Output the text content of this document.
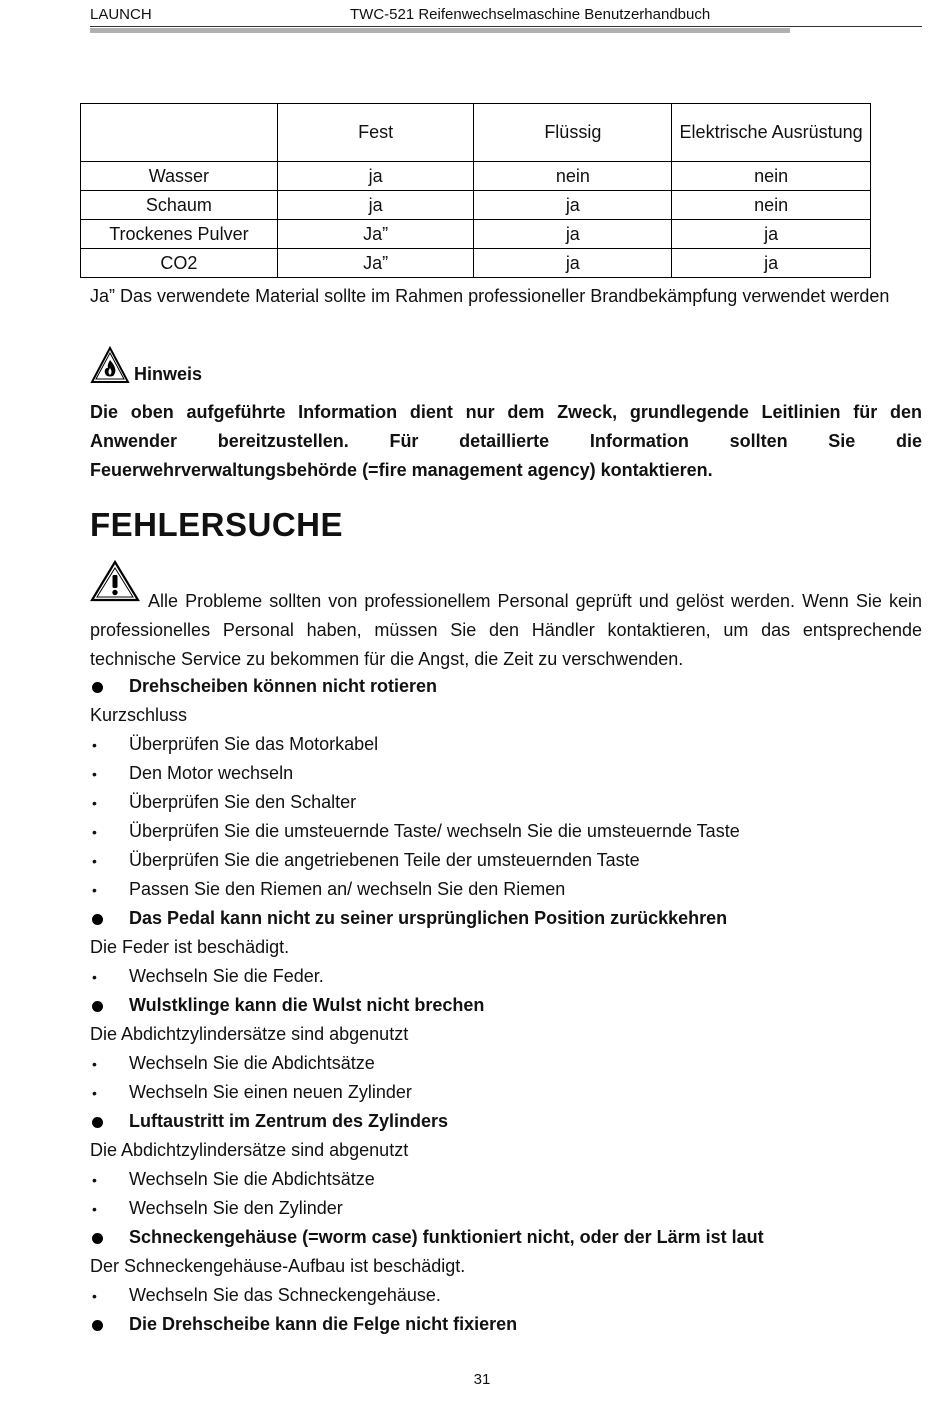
LAUNCH	TWC-521 Reifenwechselmaschine Benutzerhandbuch
	Fest	Flüssig	Elektrische Ausrüstung
Wasser	ja	nein	nein
Schaum	ja	ja	nein
Trockenes Pulver	Ja”	ja	ja
CO2	Ja”	ja	ja
Ja” Das verwendete Material sollte im Rahmen professioneller Brandbekämpfung verwendet werden
Hinweis
Die oben aufgeführte Information dient nur dem Zweck, grundlegende Leitlinien für den Anwender bereitzustellen. Für detaillierte Information sollten Sie die Feuerwehrverwaltungsbehörde (=fire management agency) kontaktieren.
FEHLERSUCHE
Alle Probleme sollten von professionellem Personal geprüft und gelöst werden. Wenn Sie kein professionelles Personal haben, müssen Sie den Händler kontaktieren, um das entsprechende technische Service zu bekommen für die Angst, die Zeit zu verschwenden.
Drehscheiben können nicht rotieren
Kurzschluss
•	Überprüfen Sie das Motorkabel
•	Den Motor wechseln
•	Überprüfen Sie den Schalter
•	Überprüfen Sie die umsteuernde Taste/ wechseln Sie die umsteuernde Taste
•	Überprüfen Sie die angetriebenen Teile der umsteuernden Taste
•	Passen Sie den Riemen an/ wechseln Sie den Riemen
Das Pedal kann nicht zu seiner ursprünglichen Position zurückkehren
Die Feder ist beschädigt.
•	Wechseln Sie die Feder.
Wulstklinge kann die Wulst nicht brechen
Die Abdichtzylindersätze sind abgenutzt
•	Wechseln Sie die Abdichtsätze
•	Wechseln Sie einen neuen Zylinder
Luftaustritt im Zentrum des Zylinders
Die Abdichtzylindersätze sind abgenutzt
•	Wechseln Sie die Abdichtsätze
•	Wechseln Sie den Zylinder
Schneckengehäuse (=worm case) funktioniert nicht, oder der Lärm ist laut
Der Schneckengehäuse-Aufbau ist beschädigt.
•	Wechseln Sie das Schneckengehäuse.
Die Drehscheibe kann die Felge nicht fixieren
31
